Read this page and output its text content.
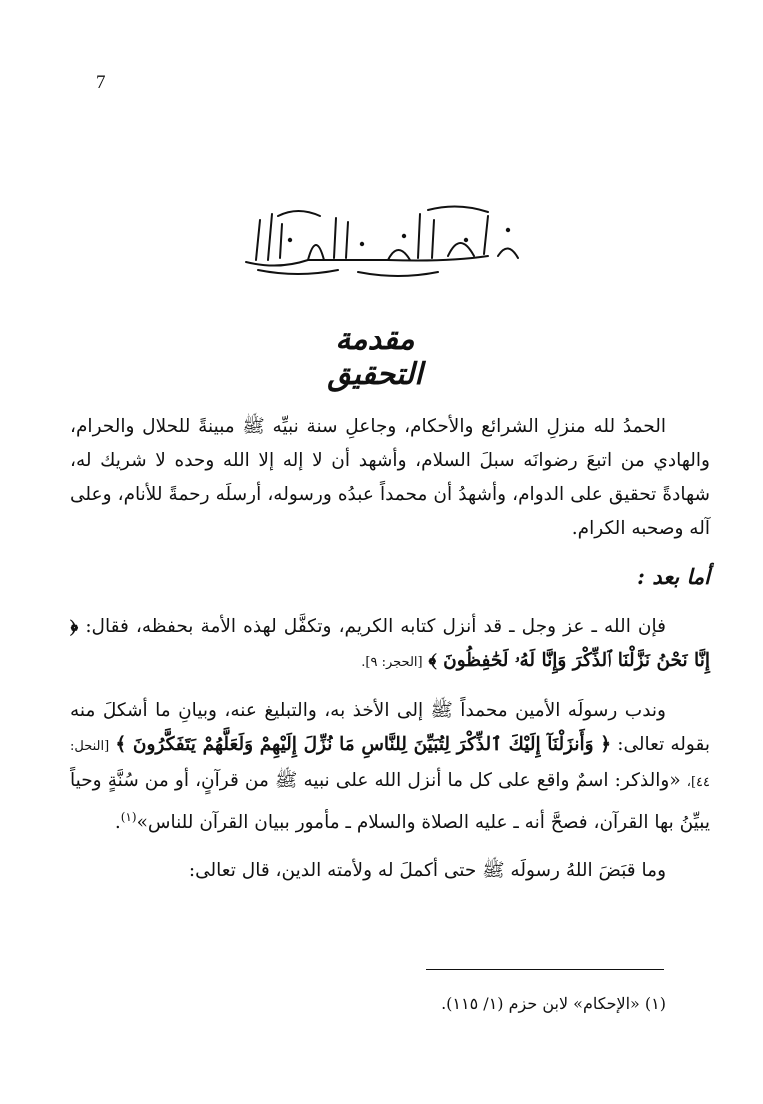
7
بسم الله الرحمن الرحيم
مقدمة التحقيق

الحمدُ لله منزلِ الشرائع والأحكام، وجاعلِ سنة نبيِّه ﷺ مبينةً للحلال والحرام، والهادي من اتبعَ رضوانَه سبلَ السلام، وأشهد أن لا إله إلا الله وحده لا شريك له، شهادةً تحقيق على الدوام، وأشهدُ أن محمداً عبدُه ورسوله، أرسلَه رحمةً للأنام، وعلى آله وصحبه الكرام.

أما بعد :

فإن الله ـ عز وجل ـ قد أنزل كتابه الكريم، وتكفَّل لهذه الأمة بحفظه، فقال: ﴿ إِنَّا نَحْنُ نَزَّلْنَا ٱلذِّكْرَ وَإِنَّا لَهُۥ لَحَٰفِظُونَ ﴾ [الحجر: ٩].

وندب رسولَه الأمين محمداً ﷺ إلى الأخذ به، والتبليغ عنه، وبيانِ ما أشكلَ منه بقوله تعالى: ﴿ وَأَنزَلْنَآ إِلَيْكَ ٱلذِّكْرَ لِتُبَيِّنَ لِلنَّاسِ مَا نُزِّلَ إِلَيْهِمْ وَلَعَلَّهُمْ يَتَفَكَّرُونَ ﴾ [النحل: ٤٤]، «والذكر: اسمٌ واقع على كل ما أنزل الله على نبيه ﷺ من قرآنٍ، أو من سُنَّةٍ وحياً يبيِّنُ بها القرآن، فصحَّ أنه ـ عليه الصلاة والسلام ـ مأمور ببيان القرآن للناس»$^{(١)}$.

وما قبَضَ اللهُ رسولَه ﷺ حتى أكملَ له ولأمته الدين، قال تعالى:

(١) «الإحكام» لابن حزم (١/ ١١٥).
